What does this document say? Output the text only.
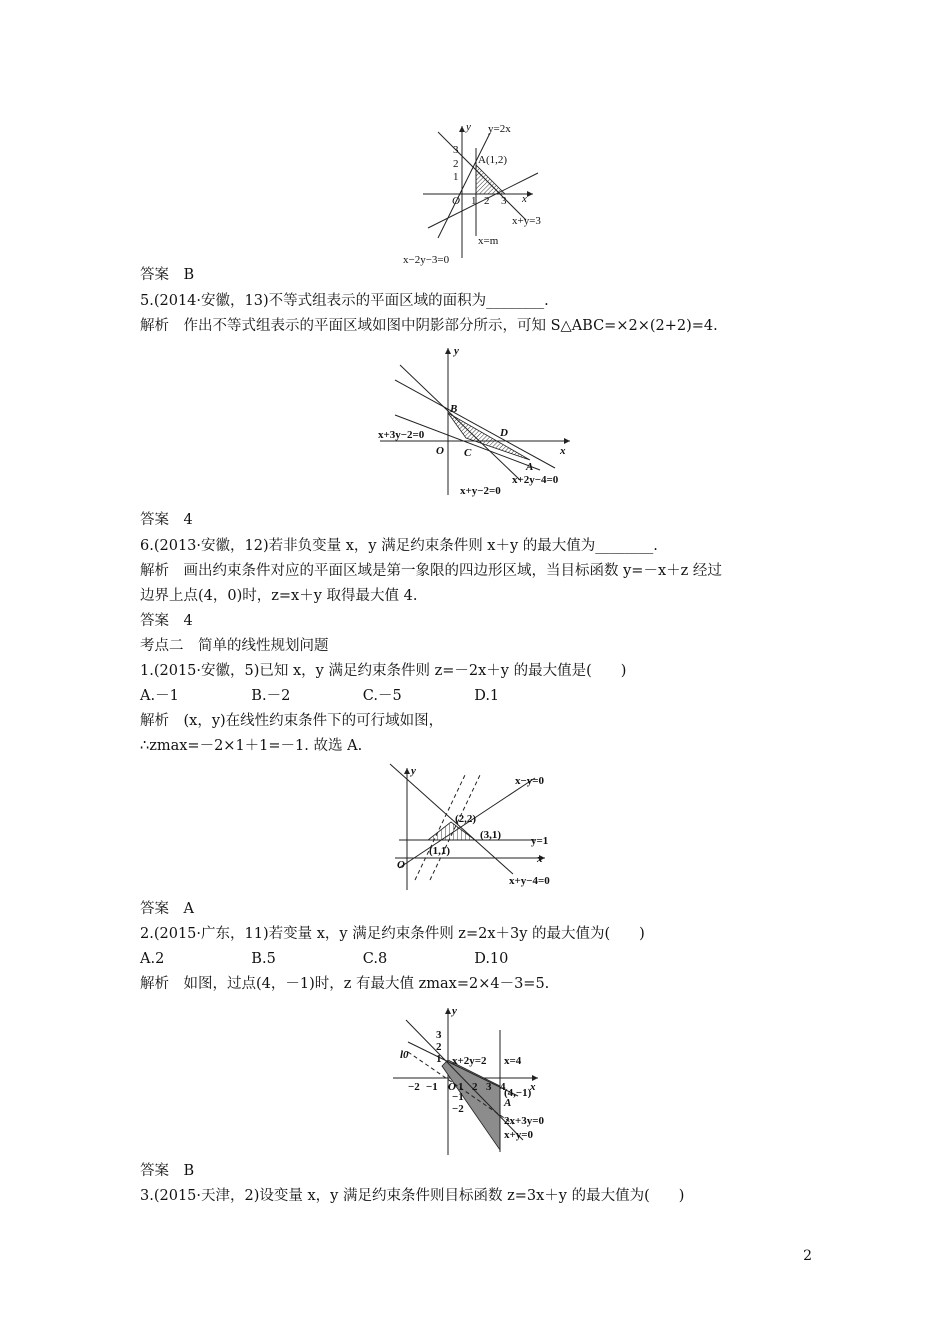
y y=2x
3
2
1
A(1,2)
O 1 2 3 x
x+y=3
x=m
x−2y−3=0
答案　B
5.(2014·安徽，13)不等式组表示的平面区域的面积为________.
解析　作出不等式组表示的平面区域如图中阴影部分所示，可知 S△ABC=×2×(2+2)=4.
y
B
D
x+3y−2=0
O C	x
A
x+2y−4=0
x+y−2=0
答案　4
6.(2013·安徽，12)若非负变量 x，y 满足约束条件则 x＋y 的最大值为________.
解析　画出约束条件对应的平面区域是第一象限的四边形区域，当目标函数 y=－x＋z 经过
边界上点(4，0)时，z=x＋y 取得最大值 4.
答案　4
考点二　简单的线性规划问题
1.(2015·安徽，5)已知 x，y 满足约束条件则 z=－2x＋y 的最大值是(　　)
A.－1　　　　　B.－2　　　　　C.－5　　　　　D.1
解析　(x，y)在线性约束条件下的可行域如图，
∴zmax=－2×1＋1=－1. 故选 A.
y
x−y=0
(2,2)
(3,1)	y=1
(1,1)
x
O
x+y−4=0
答案　A
2.(2015·广东，11)若变量 x，y 满足约束条件则 z=2x＋3y 的最大值为(　　)
A.2　　　　　　B.5　　　　　　C.8　　　　　　D.10
解析　如图，过点(4，－1)时，z 有最大值 zmax=2×4－3=5.
y
3
2
l0 1 x+2y=2 x=4
−2 −1 O 1 2 3 4 x
−1
−2	A
(4,−1)
2x+3y=0
x+y=0
答案　B
3.(2015·天津，2)设变量 x，y 满足约束条件则目标函数 z=3x＋y 的最大值为(　　)
2
